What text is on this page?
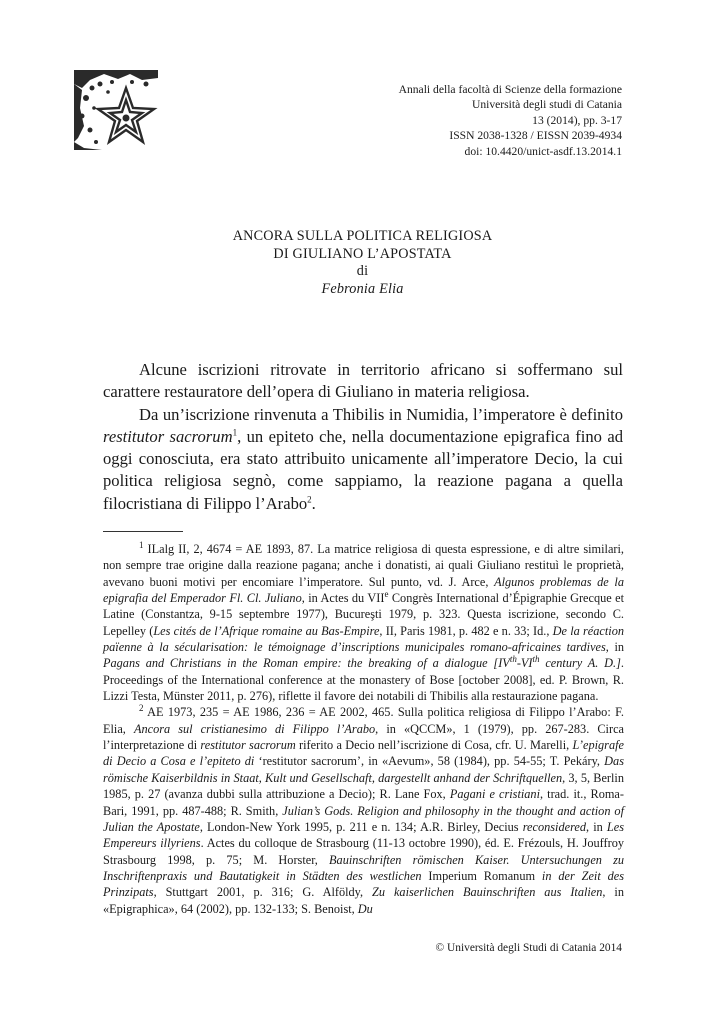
Annali della facoltà di Scienze della formazione
Università degli studi di Catania
13 (2014), pp. 3-17
ISSN 2038-1328 / EISSN 2039-4934
doi: 10.4420/unict-asdf.13.2014.1
ANCORA SULLA POLITICA RELIGIOSA
DI GIULIANO L’APOSTATA
di
Febronia Elia

Alcune iscrizioni ritrovate in territorio africano si soffermano sul carattere restauratore dell’opera di Giuliano in materia religiosa.

Da un’iscrizione rinvenuta a Thibilis in Numidia, l’imperatore è definito restitutor sacrorum$^1$, un epiteto che, nella documentazione epigrafica fino ad oggi conosciuta, era stato attribuito unicamente all’imperatore Decio, la cui politica religiosa segnò, come sappiamo, la reazione pagana a quella filocristiana di Filippo l’Arabo$^2$.

$^1$ ILalg II, 2, 4674 = AE 1893, 87. La matrice religiosa di questa espressione, e di altre similari, non sempre trae origine dalla reazione pagana; anche i donatisti, ai quali Giuliano restituì le proprietà, avevano buoni motivi per encomiare l’imperatore. Sul punto, vd. J. Arce, Algunos problemas de la epigrafia del Emperador Fl. Cl. Juliano, in Actes du VIIe Congrès International d’Épigraphie Grecque et Latine (Constantza, 9-15 septembre 1977), Bucureşti 1979, p. 323. Questa iscrizione, secondo C. Lepelley (Les cités de l’Afrique romaine au Bas-Empire, II, Paris 1981, p. 482 e n. 33; Id., De la réaction païenne à la sécularisation: le témoignage d’inscriptions municipales romano-africaines tardives, in Pagans and Christians in the Roman empire: the breaking of a dialogue [IVth-VIth century A. D.]. Proceedings of the International conference at the monastery of Bose [october 2008], ed. P. Brown, R. Lizzi Testa, Münster 2011, p. 276), riflette il favore dei notabili di Thibilis alla restaurazione pagana.

$^2$ AE 1973, 235 = AE 1986, 236 = AE 2002, 465. Sulla politica religiosa di Filippo l’Arabo: F. Elia, Ancora sul cristianesimo di Filippo l’Arabo, in «QCCM», 1 (1979), pp. 267-283. Circa l’interpretazione di restitutor sacrorum riferito a Decio nell’iscrizione di Cosa, cfr. U. Marelli, L’epigrafe di Decio a Cosa e l’epiteto di ‘restitutor sacrorum’, in «Aevum», 58 (1984), pp. 54-55; T. Pekáry, Das römische Kaiserbildnis in Staat, Kult und Gesellschaft, dargestellt anhand der Schriftquellen, 3, 5, Berlin 1985, p. 27 (avanza dubbi sulla attribuzione a Decio); R. Lane Fox, Pagani e cristiani, trad. it., Roma-Bari, 1991, pp. 487-488; R. Smith, Julian’s Gods. Religion and philosophy in the thought and action of Julian the Apostate, London-New York 1995, p. 211 e n. 134; A.R. Birley, Decius reconsidered, in Les Empereurs illyriens. Actes du colloque de Strasbourg (11-13 octobre 1990), éd. E. Frézouls, H. Jouffroy Strasbourg 1998, p. 75; M. Horster, Bauinschriften römischen Kaiser. Untersuchungen zu Inschriftenpraxis und Bautatigkeit in Städten des westlichen Imperium Romanum in der Zeit des Prinzipats, Stuttgart 2001, p. 316; G. Alföldy, Zu kaiserlichen Bauinschriften aus Italien, in «Epigraphica», 64 (2002), pp. 132-133; S. Benoist, Du

© Università degli Studi di Catania 2014
